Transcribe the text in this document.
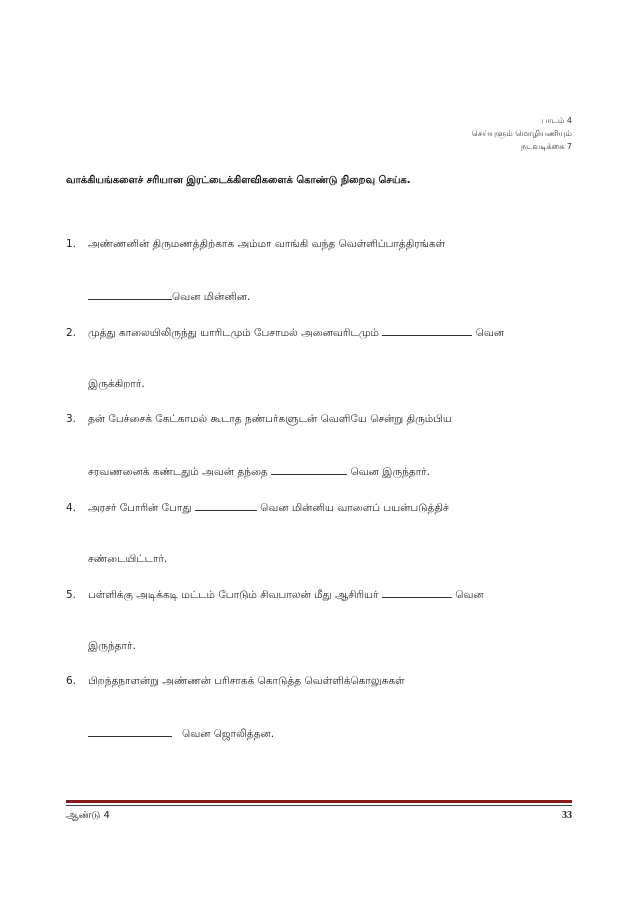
பாடம் 4
செய்யுளும் மொழியணியும்
நடவடிக்கை 7
வாக்கியங்களைச் சரியான இரட்டைக்கிளவிகளைக் கொண்டு நிறைவு செய்க.
1. அண்ணனின் திருமணத்திற்காக அம்மா வாங்கி வந்த வெள்ளிப்பாத்திரங்கள்
வென மின்னின.
2. முத்து காலையிலிருந்து யாரிடமும் பேசாமல் அனைவரிடமும்	வென
இருக்கிறார்.
3. தன் பேச்சைக் கேட்காமல் கூடாத நண்பர்களுடன் வெளியே சென்று திரும்பிய
சரவணனைக் கண்டதும் அவன் தந்தை	வென இருந்தார்.
4. அரசர் போரின் போது	வென மின்னிய வாளைப் பயன்படுத்திச்
சண்டையிட்டார்.
5. பள்ளிக்கு அடிக்கடி மட்டம் போடும் சிவபாலன் மீது ஆசிரியர்	வென
இருந்தார்.
6. பிறந்தநாளன்று அண்ணன் பரிசாகக் கொடுத்த வெள்ளிக்கொலுசுகள்
வென ஜொலித்தன.
ஆண்டு 4	33
